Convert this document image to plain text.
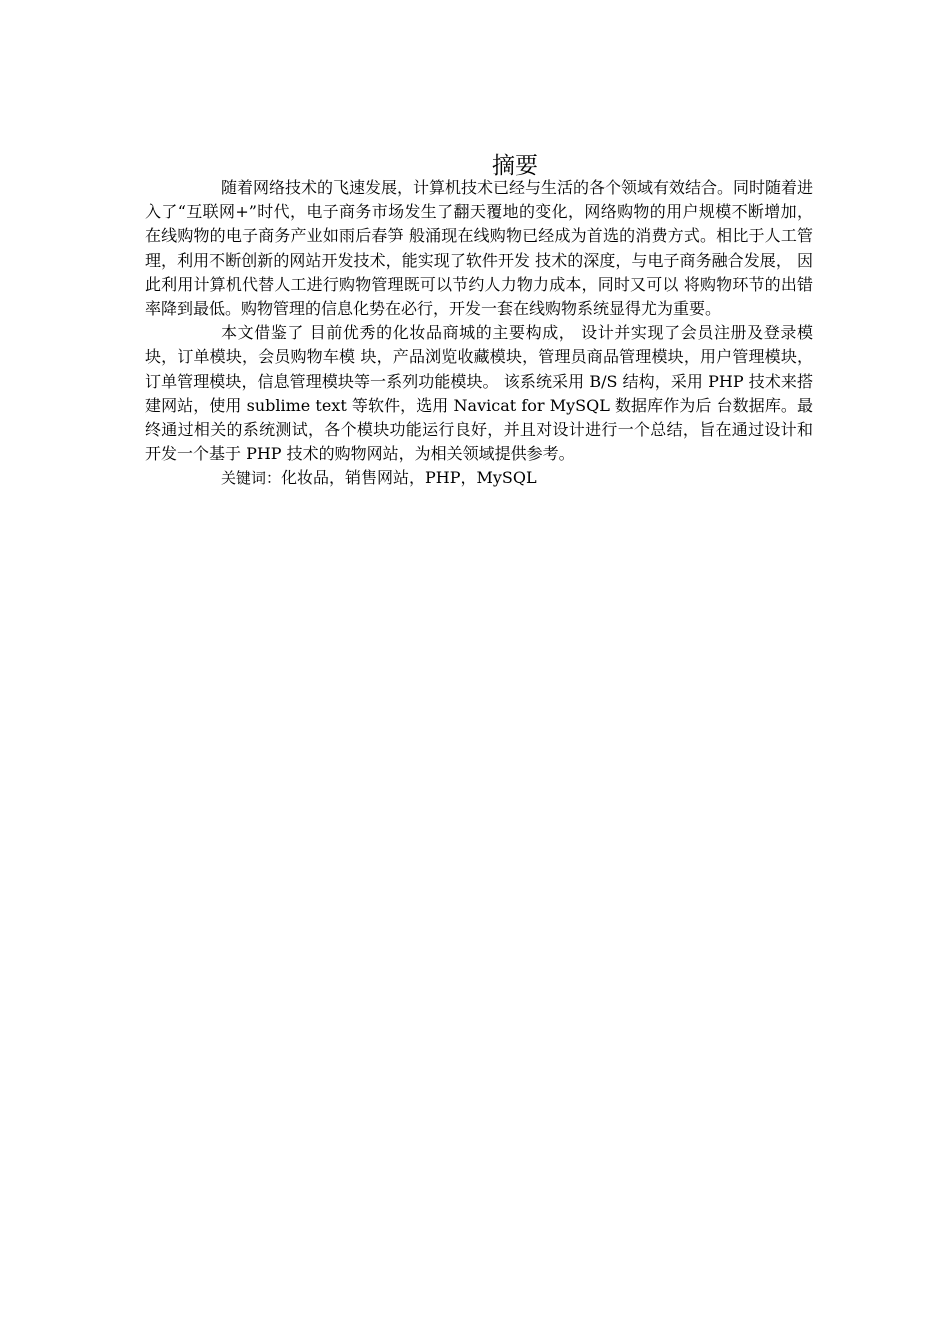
摘要

随着网络技术的飞速发展，计算机技术已经与生活的各个领域有效结合。同时随着进入了“互联网+”时代，电子商务市场发生了翻天覆地的变化，网络购物的用户规模不断增加， 在线购物的电子商务产业如雨后春笋 般涌现在线购物已经成为首选的消费方式。相比于人工管理，利用不断创新的网站开发技术，能实现了软件开发 技术的深度，与电子商务融合发展， 因此利用计算机代替人工进行购物管理既可以节约人力物力成本，同时又可以 将购物环节的出错率降到最低。购物管理的信息化势在必行，开发一套在线购物系统显得尤为重要。

本文借鉴了 目前优秀的化妆品商城的主要构成， 设计并实现了会员注册及登录模块，订单模块，会员购物车模 块，产品浏览收藏模块，管理员商品管理模块，用户管理模块，订单管理模块，信息管理模块等一系列功能模块。 该系统采用 B/S 结构，采用 PHP 技术来搭建网站，使用 sublime text 等软件，选用 Navicat for MySQL 数据库作为后 台数据库。最终通过相关的系统测试，各个模块功能运行良好，并且对设计进行一个总结，旨在通过设计和开发一个基于 PHP 技术的购物网站，为相关领域提供参考。

关键词：化妆品，销售网站，PHP，MySQL
